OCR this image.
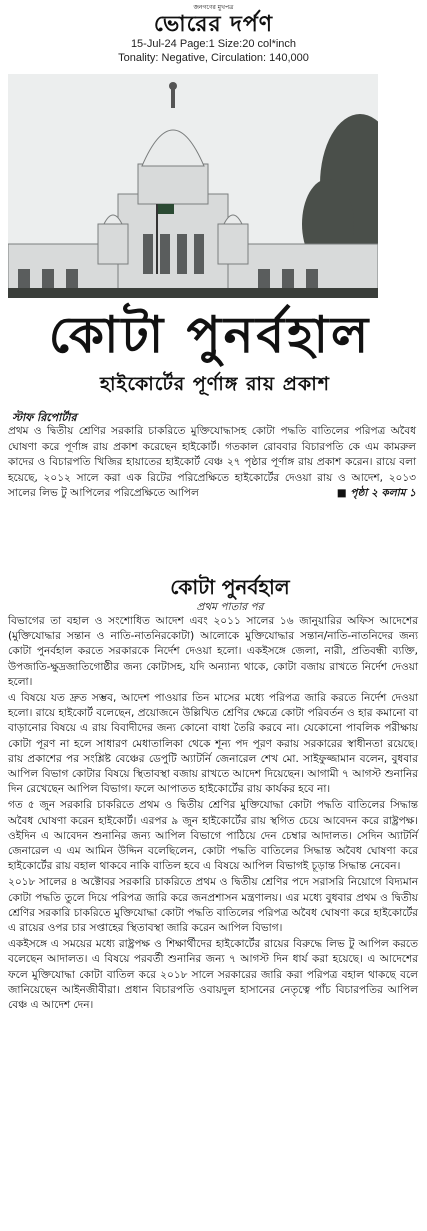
জনগণের মুখপত্র
ভোরের দর্পণ
15-Jul-24 Page:1 Size:20 col*inch
Tonality: Negative, Circulation: 140,000
কোটা পুনর্বহাল
হাইকোর্টের পূর্ণাঙ্গ রায় প্রকাশ
স্টাফ রিপোর্টার
প্রথম ও দ্বিতীয় শ্রেণির সরকারি চাকরিতে মুক্তিযোদ্ধাসহ কোটা পদ্ধতি বাতিলের পরিপত্র অবৈধ ঘোষণা করে পূর্ণাঙ্গ রায় প্রকাশ করেছেন হাইকোর্ট। গতকাল রোববার বিচারপতি কে এম কামরুল কাদের ও বিচারপতি খিজির হায়াতের হাইকোর্ট বেঞ্চ ২৭ পৃষ্ঠার পূর্ণাঙ্গ রায় প্রকাশ করেন। রায়ে বলা হয়েছে, ২০১২ সালে করা এক রিটের পরিপ্রেক্ষিতে হাইকোর্টের দেওয়া রায় ও আদেশ, ২০১৩ সালের লিভ টু আপিলের পরিপ্রেক্ষিতে আপিল	■ পৃষ্ঠা ২ কলাম ১
কোটা পুনর্বহাল
প্রথম পাতার পর

বিভাগের তা বহাল ও সংশোধিত আদেশ এবং ২০১১ সালের ১৬ জানুয়ারির অফিস আদেশের (মুক্তিযোদ্ধার সন্তান ও নাতি-নাতনিরকোটা) আলোকে মুক্তিযোদ্ধার সন্তান/নাতি-নাতনিদের জন্য কোটা পুনর্বহাল করতে সরকারকে নির্দেশ দেওয়া হলো। একইসঙ্গে জেলা, নারী, প্রতিবন্ধী ব্যক্তি, উপজাতি-ক্ষুদ্রজাতিগোষ্ঠীর জন্য কোটাসহ, যদি অন্যান্য থাকে, কোটা বজায় রাখতে নির্দেশ দেওয়া হলো।

এ বিষয়ে যত দ্রুত সম্ভব, আদেশ পাওয়ার তিন মাসের মধ্যে পরিপত্র জারি করতে নির্দেশ দেওয়া হলো। রায়ে হাইকোর্ট বলেছেন, প্রয়োজনে উল্লিখিত শ্রেণির ক্ষেত্রে কোটা পরিবর্তন ও হার কমানো বা বাড়ানোর বিষয়ে এ রায় বিবাদীদের জন্য কোনো বাধা তৈরি করবে না। যেকোনো পাবলিক পরীক্ষায় কোটা পূরণ না হলে সাধারণ মেধাতালিকা থেকে শূন্য পদ পূরণ করায় সরকারের স্বাধীনতা রয়েছে। রায় প্রকাশের পর সংশ্লিষ্ট বেঞ্চের ডেপুটি অ্যাটর্নি জেনারেল শেখ মো. সাইফুজ্জামান বলেন, বুধবার আপিল বিভাগ কোটার বিষয়ে স্থিতাবস্থা বজায় রাখতে আদেশ দিয়েছেন। আগামী ৭ আগস্ট শুনানির দিন রেখেছেন আপিল বিভাগ। ফলে আপাতত হাইকোর্টের রায় কার্যকর হবে না।

গত ৫ জুন সরকারি চাকরিতে প্রথম ও দ্বিতীয় শ্রেণির মুক্তিযোদ্ধা কোটা পদ্ধতি বাতিলের সিদ্ধান্ত অবৈধ ঘোষণা করেন হাইকোর্ট। এরপর ৯ জুন হাইকোর্টের রায় স্থগিত চেয়ে আবেদন করে রাষ্ট্রপক্ষ। ওইদিন এ আবেদন শুনানির জন্য আপিল বিভাগে পাঠিয়ে দেন চেম্বার আদালত। সেদিন অ্যাটর্নি জেনারেল এ এম আমিন উদ্দিন বলেছিলেন, কোটা পদ্ধতি বাতিলের সিদ্ধান্ত অবৈধ ঘোষণা করে হাইকোর্টের রায় বহাল থাকবে নাকি বাতিল হবে এ বিষয়ে আপিল বিভাগই চূড়ান্ত সিদ্ধান্ত নেবেন।

২০১৮ সালের ৪ অক্টোবর সরকারি চাকরিতে প্রথম ও দ্বিতীয় শ্রেণির পদে সরাসরি নিয়োগে বিদ্যমান কোটা পদ্ধতি তুলে দিয়ে পরিপত্র জারি করে জনপ্রশাসন মন্ত্রণালয়। এর মধ্যে বুধবার প্রথম ও দ্বিতীয় শ্রেণির সরকারি চাকরিতে মুক্তিযোদ্ধা কোটা পদ্ধতি বাতিলের পরিপত্র অবৈধ ঘোষণা করে হাইকোর্টের এ রায়ের ওপর চার সপ্তাহের স্থিতাবস্থা জারি করেন আপিল বিভাগ।

একইসঙ্গে এ সময়ের মধ্যে রাষ্ট্রপক্ষ ও শিক্ষার্থীদের হাইকোর্টের রায়ের বিরুদ্ধে লিভ টু আপিল করতে বলেছেন আদালত। এ বিষয়ে পরবর্তী শুনানির জন্য ৭ আগস্ট দিন ধার্য করা হয়েছে। এ আদেশের ফলে মুক্তিযোদ্ধা কোটা বাতিল করে ২০১৮ সালে সরকারের জারি করা পরিপত্র বহাল থাকছে বলে জানিয়েছেন আইনজীবীরা। প্রধান বিচারপতি ওবায়দুল হাসানের নেতৃত্বে পাঁচ বিচারপতির আপিল বেঞ্চ এ আদেশ দেন।
